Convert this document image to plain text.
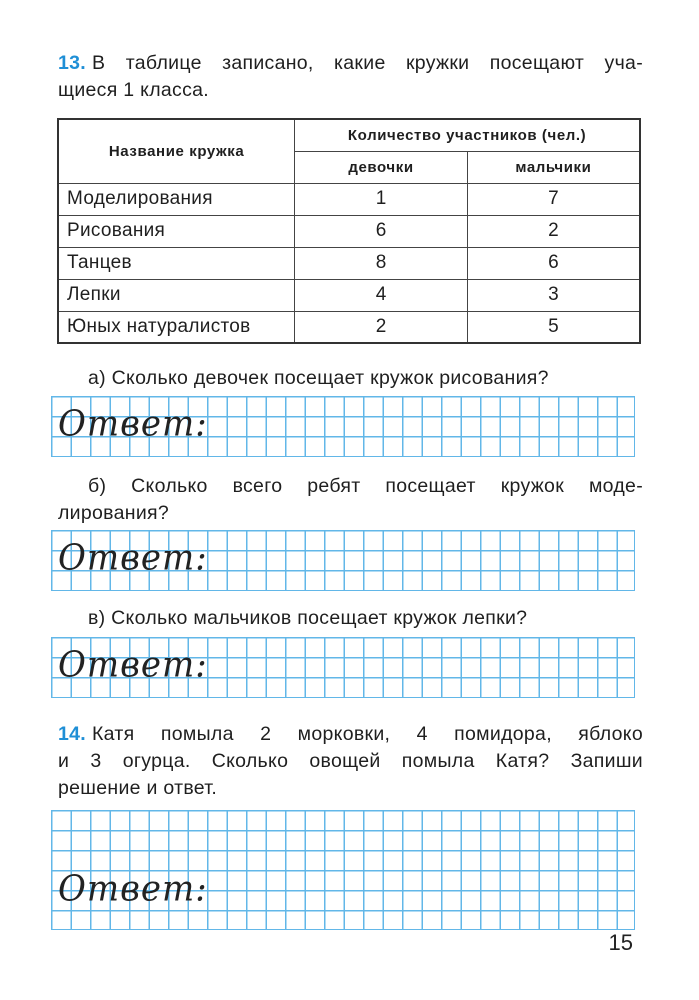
13. В таблице записано, какие кружки посещают уча-
щиеся 1 класса.
Название кружка	Количество участников (чел.)	
	девочки	мальчики
Моделирования	1	7
Рисования	6	2
Танцев	8	6
Лепки	4	3
Юных натуралистов	2	5
а) Сколько девочек посещает кружок рисования?
Ответ:
б) Сколько всего ребят посещает кружок моде-
лирования?
Ответ:
в) Сколько мальчиков посещает кружок лепки?
Ответ:
14. Катя помыла 2 морковки, 4 помидора, яблоко
и 3 огурца. Сколько овощей помыла Катя? Запиши
решение и ответ.
Ответ:
15
